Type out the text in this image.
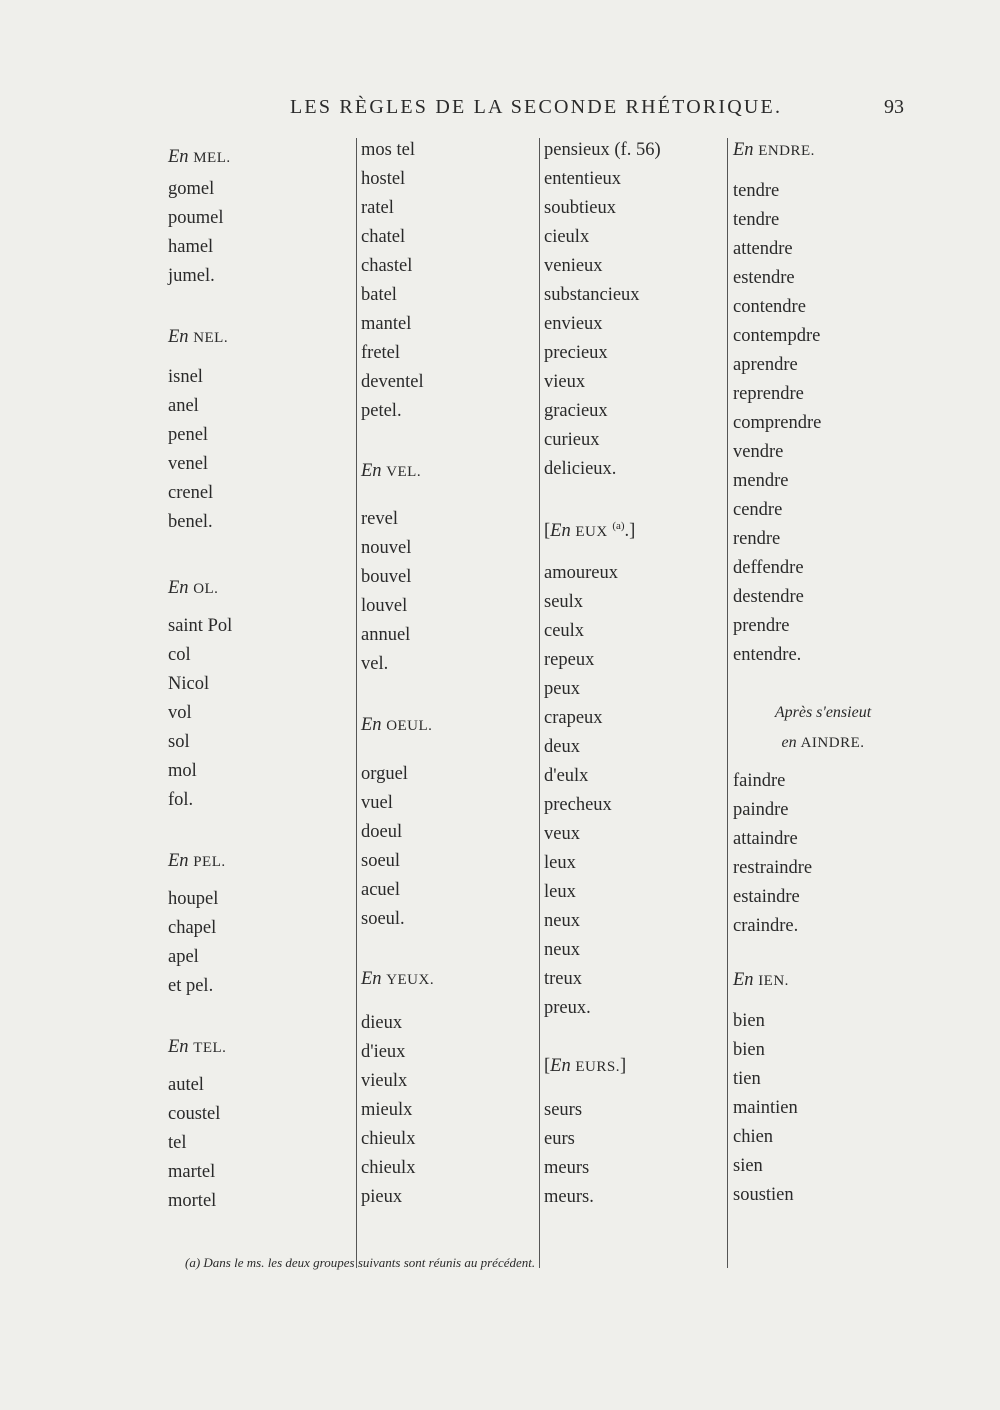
LES RÈGLES DE LA SECONDE RHÉTORIQUE.	93
En MEL.
gomel
poumel
hamel
jumel.
En NEL.
isnel
anel
penel
venel
crenel
benel.
En OL.
saint Pol
col
Nicol
vol
sol
mol
fol.
En PEL.
houpel
chapel
apel
et pel.
En TEL.
autel
coustel
tel
martel
mortel
mos tel
hostel
ratel
chatel
chastel
batel
mantel
fretel
deventel
petel.
En VEL.
revel
nouvel
bouvel
louvel
annuel
vel.
En OEUL.
orguel
vuel
doeul
soeul
acuel
soeul.
En YEUX.
dieux
d'ieux
vieulx
mieulx
chieulx
chieulx
pieux
pensieux (f. 56)
ententieux
soubtieux
cieulx
venieux
substancieux
envieux
precieux
vieux
gracieux
curieux
delicieux.
[En EUX $^{(a)}$.]
amoureux
seulx
ceulx
repeux
peux
crapeux
deux
d'eulx
precheux
veux
leux
leux
neux
neux
treux
preux.
[En EURS.]
seurs
eurs
meurs
meurs.
En ENDRE.
tendre
tendre
attendre
estendre
contendre
contempdre
aprendre
reprendre
comprendre
vendre
mendre
cendre
rendre
deffendre
destendre
prendre
entendre.
Après s'ensieut
en AINDRE.
faindre
paindre
attaindre
restraindre
estaindre
craindre.
En IEN.
bien
bien
tien
maintien
chien
sien
soustien
(a) Dans le ms. les deux groupes suivants sont réunis au précédent.
